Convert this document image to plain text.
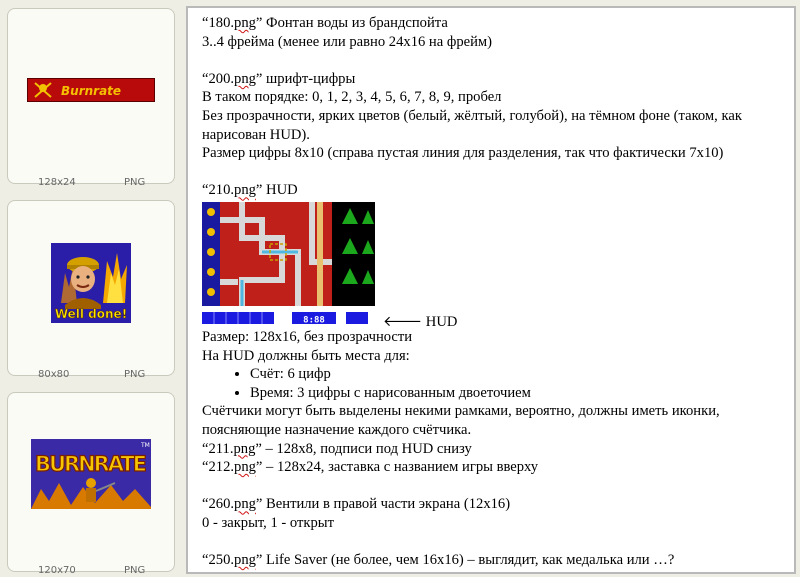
Burnrate
128x24	PNG
Well done!
80x80	PNG
BURNRATE
TM
120x70	PNG

“180.png” Фонтан воды из брандспойта

3..4 фрейма (менее или равно 24x16 на фрейм)

“200.png” шрифт-цифры

В таком порядке: 0, 1, 2, 3, 4, 5, 6, 7, 8, 9, пробел

Без прозрачности, ярких цветов (белый, жёлтый, голубой), на тёмном фоне (таком, как нарисован HUD).

Размер цифры 8x10 (справа пустая линия для разделения, так что фактически 7x10)

“210.png” HUD

8:88	🡐 HUD

Размер: 128x16, без прозрачности

На HUD должны быть места для:

• Счёт: 6 цифр
• Время: 3 цифры с нарисованным двоеточием

Счётчики могут быть выделены некими рамками, вероятно, должны иметь иконки, поясняющие назначение каждого счётчика.

“211.png” – 128x8, подписи под HUD снизу

“212.png” – 128x24, заставка с названием игры вверху

“260.png” Вентили в правой части экрана (12x16)

0 - закрыт, 1 - открыт

“250.png” Life Saver (не более, чем 16x16) – выглядит, как медалька или …?
